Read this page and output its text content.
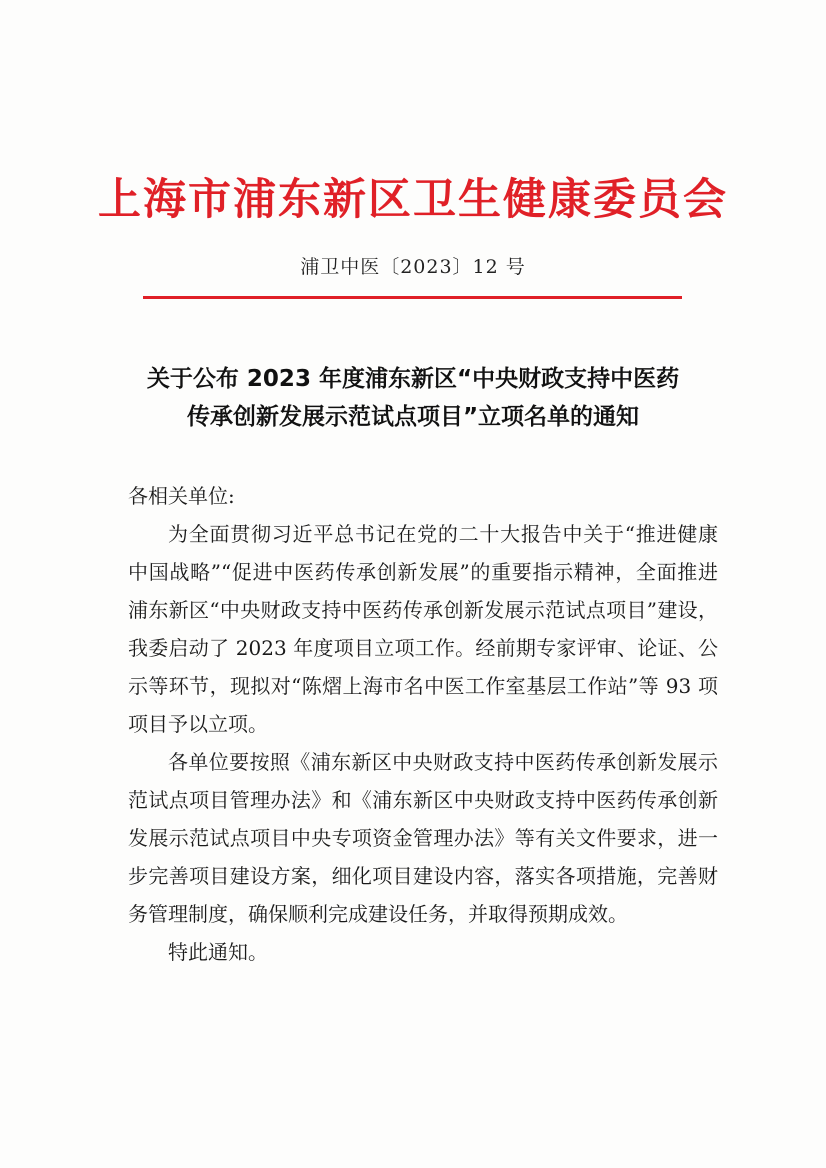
上海市浦东新区卫生健康委员会
浦卫中医〔2023〕12 号
关于公布 2023 年度浦东新区“中央财政支持中医药
传承创新发展示范试点项目”立项名单的通知
各相关单位:

为全面贯彻习近平总书记在党的二十大报告中关于“推进健康中国战略”“促进中医药传承创新发展”的重要指示精神，全面推进浦东新区“中央财政支持中医药传承创新发展示范试点项目”建设，我委启动了 2023 年度项目立项工作。经前期专家评审、论证、公示等环节，现拟对“陈熠上海市名中医工作室基层工作站”等 93 项项目予以立项。

各单位要按照《浦东新区中央财政支持中医药传承创新发展示范试点项目管理办法》和《浦东新区中央财政支持中医药传承创新发展示范试点项目中央专项资金管理办法》等有关文件要求，进一步完善项目建设方案，细化项目建设内容，落实各项措施，完善财务管理制度，确保顺利完成建设任务，并取得预期成效。

特此通知。
